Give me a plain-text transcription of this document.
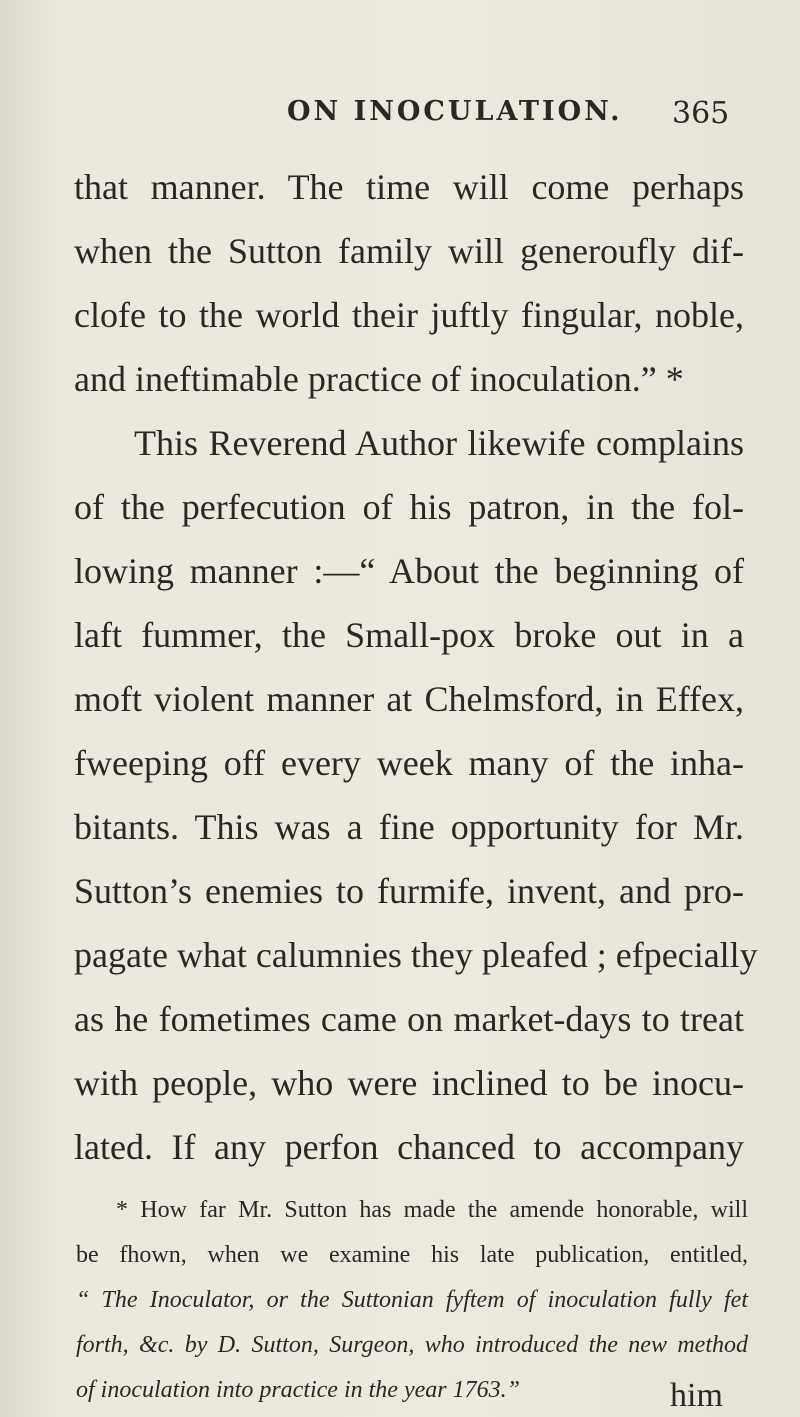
ON INOCULATION. 365
that manner. The time will come perhaps
when the Sutton family will generoufly dif-
clofe to the world their juftly fingular, noble,
and ineftimable practice of inoculation.” *
This Reverend Author likewife complains
of the perfecution of his patron, in the fol-
lowing manner :—“ About the beginning of
laft fummer, the Small-pox broke out in a
moft violent manner at Chelmsford, in Effex,
fweeping off every week many of the inha-
bitants. This was a fine opportunity for Mr.
Sutton’s enemies to furmife, invent, and pro-
pagate what calumnies they pleafed ; efpecially
as he fometimes came on market-days to treat
with people, who were inclined to be inocu-
lated. If any perfon chanced to accompany
* How far Mr. Sutton has made the amende honorable, will
be fhown, when we examine his late publication, entitled,
“ The Inoculator, or the Suttonian fyftem of inoculation fully fet
forth, &c. by D. Sutton, Surgeon, who introduced the new method
of inoculation into practice in the year 1763.”	him
